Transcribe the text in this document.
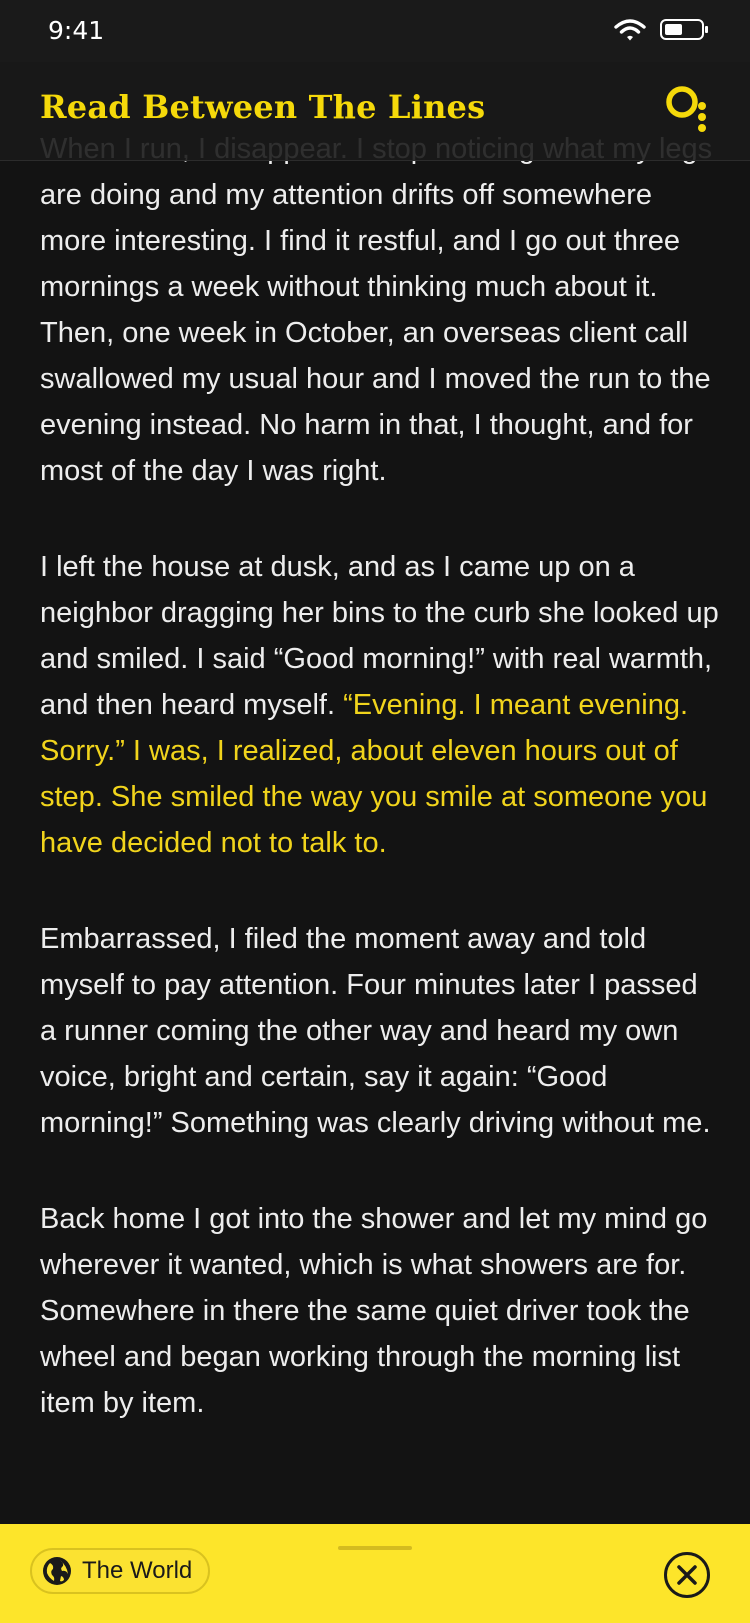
9:41
Read Between The Lines

are doing and my attention drifts off somewhere more interesting. I find it restful, and I go out three mornings a week without thinking much about it. Then, one week in October, an overseas client call swallowed my usual hour and I moved the run to the evening instead. No harm in that, I thought, and for most of the day I was right.

I left the house at dusk, and as I came up on a neighbor dragging her bins to the curb she looked up and smiled. I said “Good morning!” with real warmth, and then heard myself. “Evening. I meant evening. Sorry.” I was, I realized, about eleven hours out of step. She smiled the way you smile at someone you have decided not to talk to.

Embarrassed, I filed the moment away and told myself to pay attention. Four minutes later I passed a runner coming the other way and heard my own voice, bright and certain, say it again: “Good morning!” Something was clearly driving without me.

Back home I got into the shower and let my mind go wherever it wanted, which is what showers are for. Somewhere in there the same quiet driver took the wheel and began working through the morning list item by item.

The World
